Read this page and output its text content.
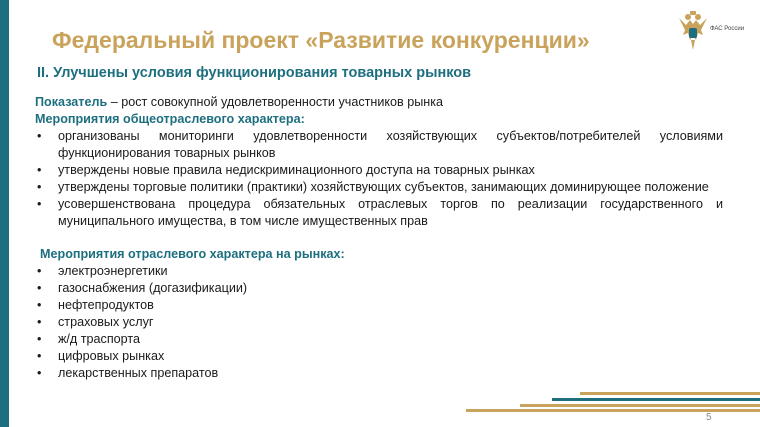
Федеральный проект «Развитие конкуренции»	ФАС России
II. Улучшены условия функционирования товарных рынков
Показатель – рост совокупной удовлетворенности участников рынка
Мероприятия общеотраслевого характера:
• организованы мониторинги удовлетворенности хозяйствующих субъектов/потребителей условиями функционирования товарных рынков
• утверждены новые правила недискриминационного доступа на товарных рынках
• утверждены торговые политики (практики) хозяйствующих субъектов, занимающих доминирующее положение
• усовершенствована процедура обязательных отраслевых торгов по реализации государственного и муниципального имущества, в том числе имущественных прав
Мероприятия отраслевого характера на рынках:
• электроэнергетики
• газоснабжения (догазификации)
• нефтепродуктов
• страховых услуг
• ж/д траспорта
• цифровых рынках
• лекарственных препаратов
5
